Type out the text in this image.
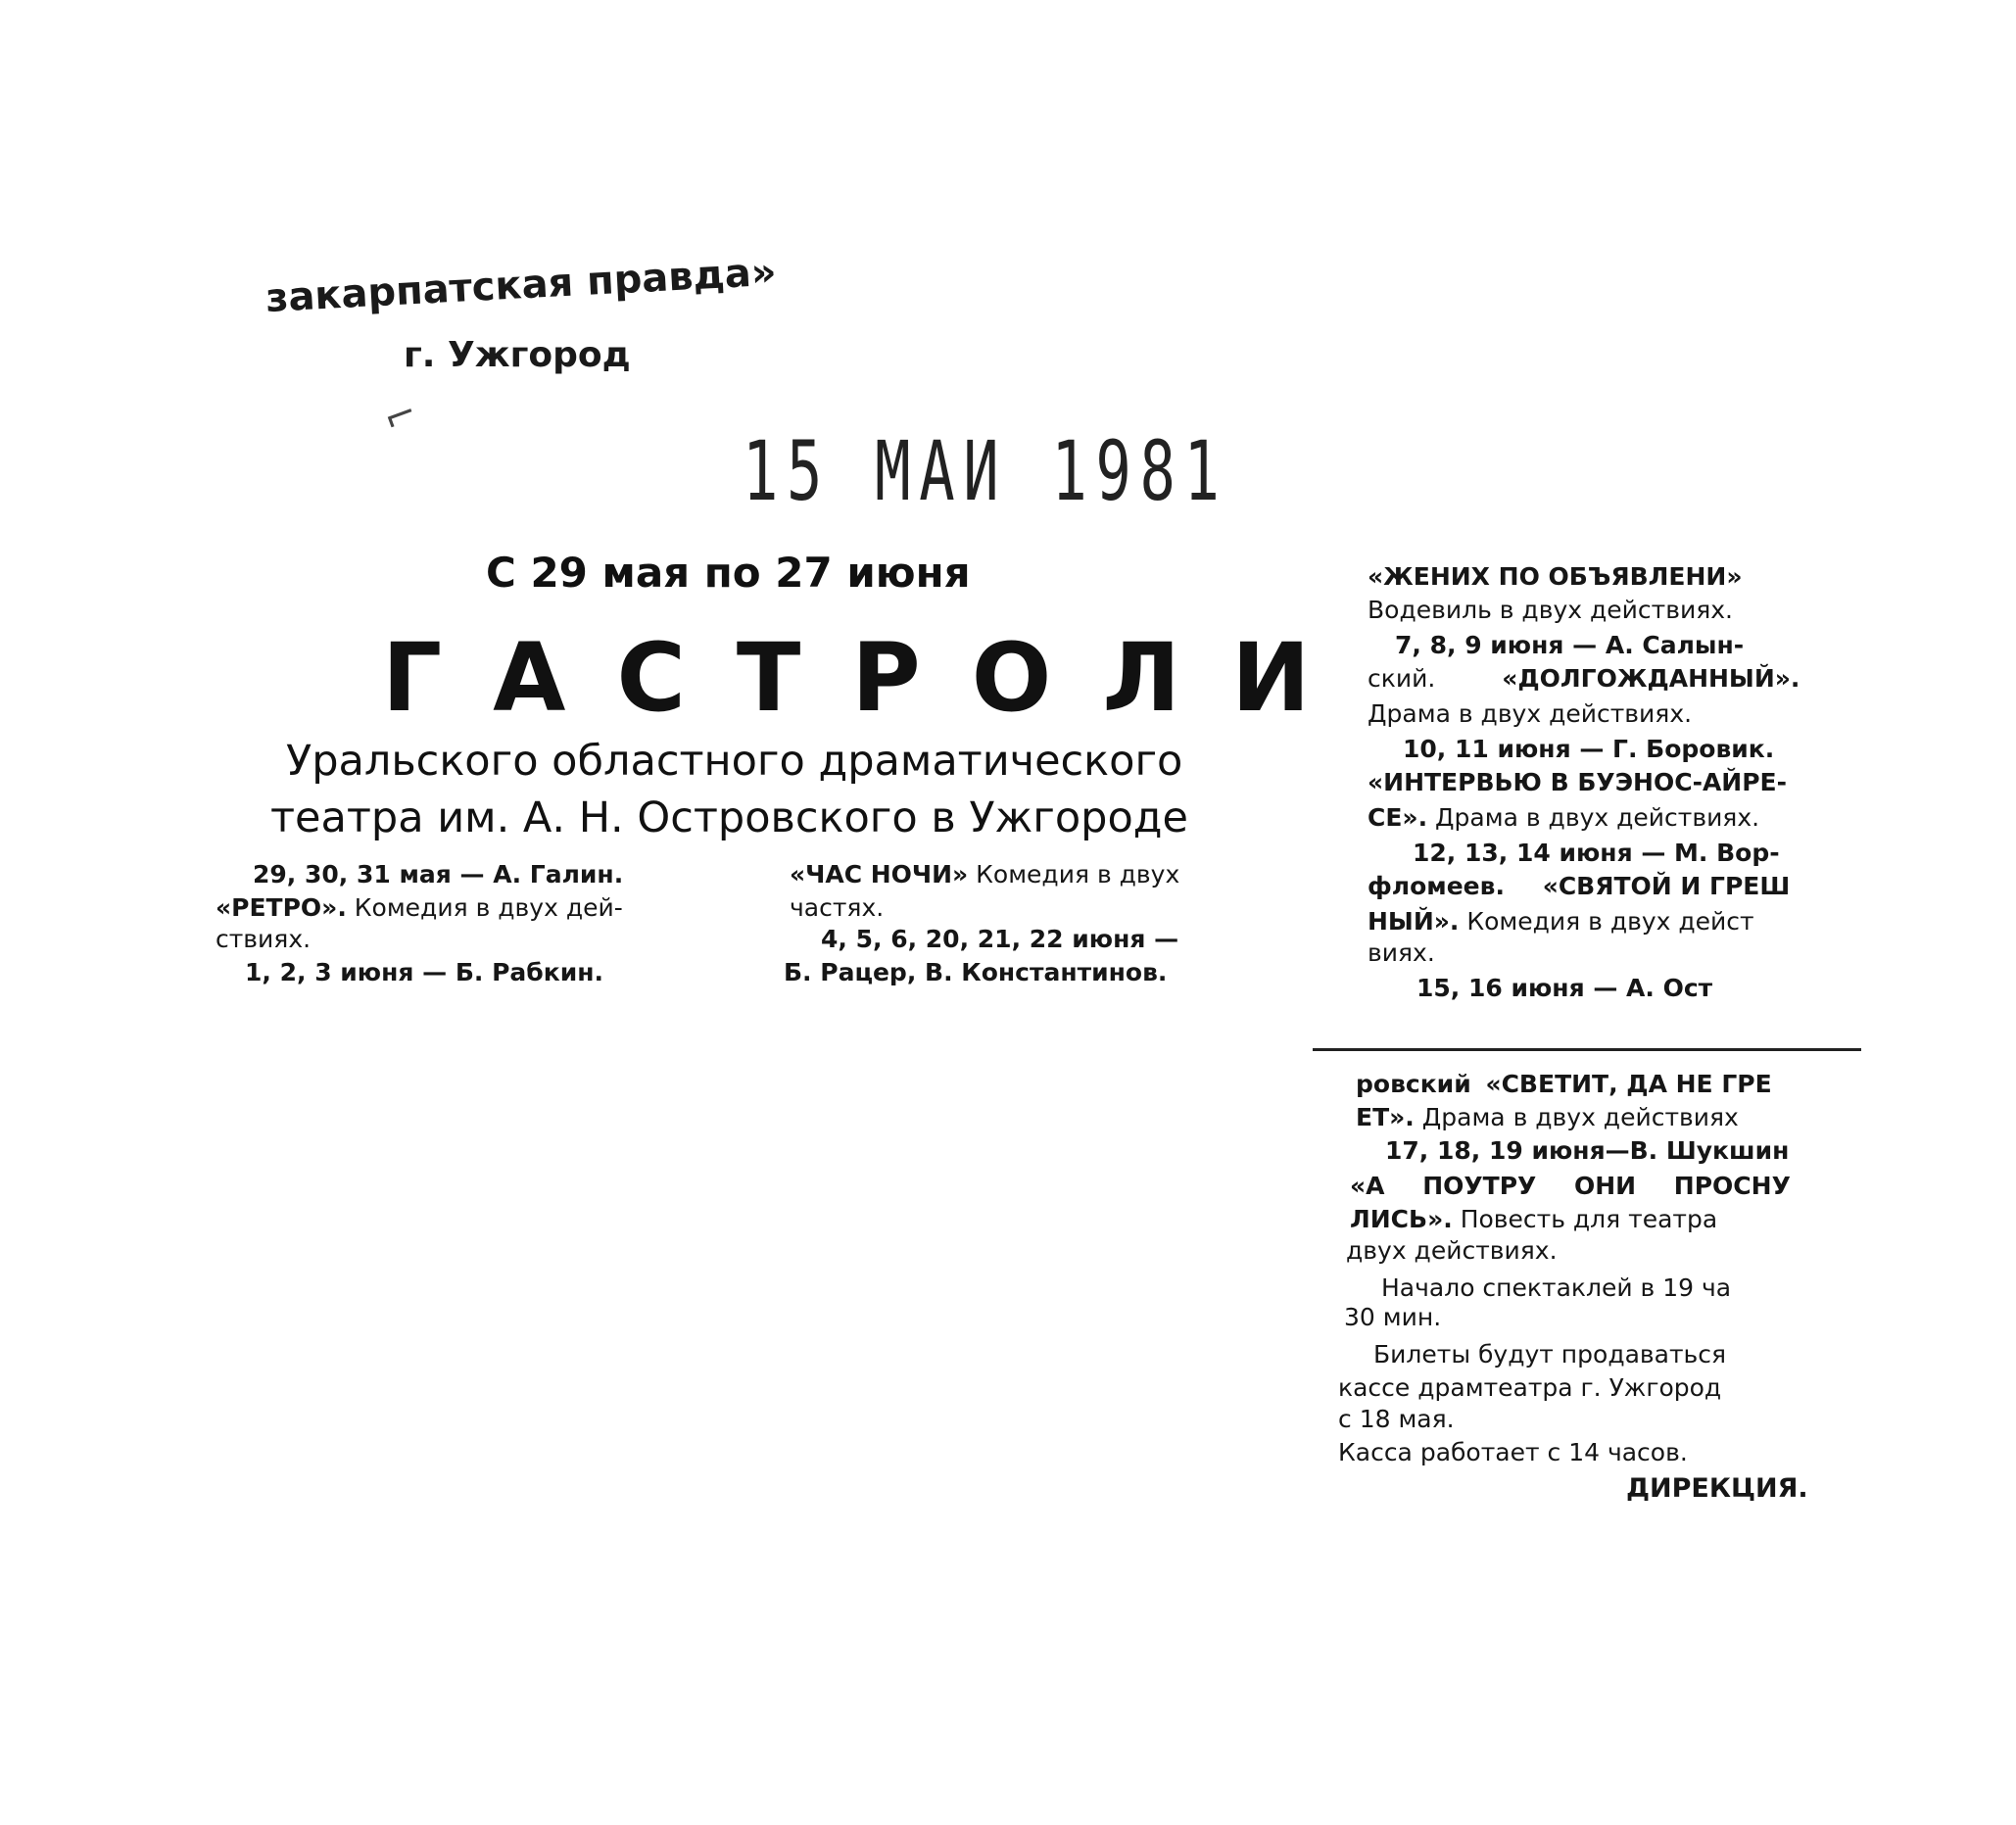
закарпатская правда»
г. Ужгород
⌐
15 МАИ 1981
С 29 мая по 27 июня
ГАСТРОЛИ
Уральского областного драматического
театра им. А. Н. Островского в Ужгороде
29, 30, 31 мая — А. Галин.
«РЕТРО». Комедия в двух дей-
ствиях.
1, 2, 3 июня — Б. Рабкин.
«ЧАС НОЧИ» Комедия в двух
частях.
4, 5, 6, 20, 21, 22 июня —
Б. Рацер, В. Константинов.
«ЖЕНИХ ПО ОБЪЯВЛЕНИ»
Водевиль в двух действиях.
7, 8, 9 июня — А. Салын-
ский.	«ДОЛГОЖДАННЫЙ».
Драма в двух действиях.
10, 11 июня — Г. Боровик.
«ИНТЕРВЬЮ В БУЭНОС-АЙРЕ-
СЕ». Драма в двух действиях.
12, 13, 14 июня — М. Вор-
фломеев. «СВЯТОЙ И ГРЕШ
НЫЙ». Комедия в двух дейст
виях.
15, 16 июня — А. Ост
ровский «СВЕТИТ, ДА НЕ ГРЕ
ЕТ». Драма в двух действиях
17, 18, 19 июня—В. Шукшин
«А ПОУТРУ ОНИ ПРОСНУ
ЛИСЬ». Повесть для театра
двух действиях.
Начало спектаклей в 19 ча
30 мин.
Билеты будут продаваться
кассе драмтеатра г. Ужгород
с 18 мая.
Касса работает с 14 часов.
ДИРЕКЦИЯ.
